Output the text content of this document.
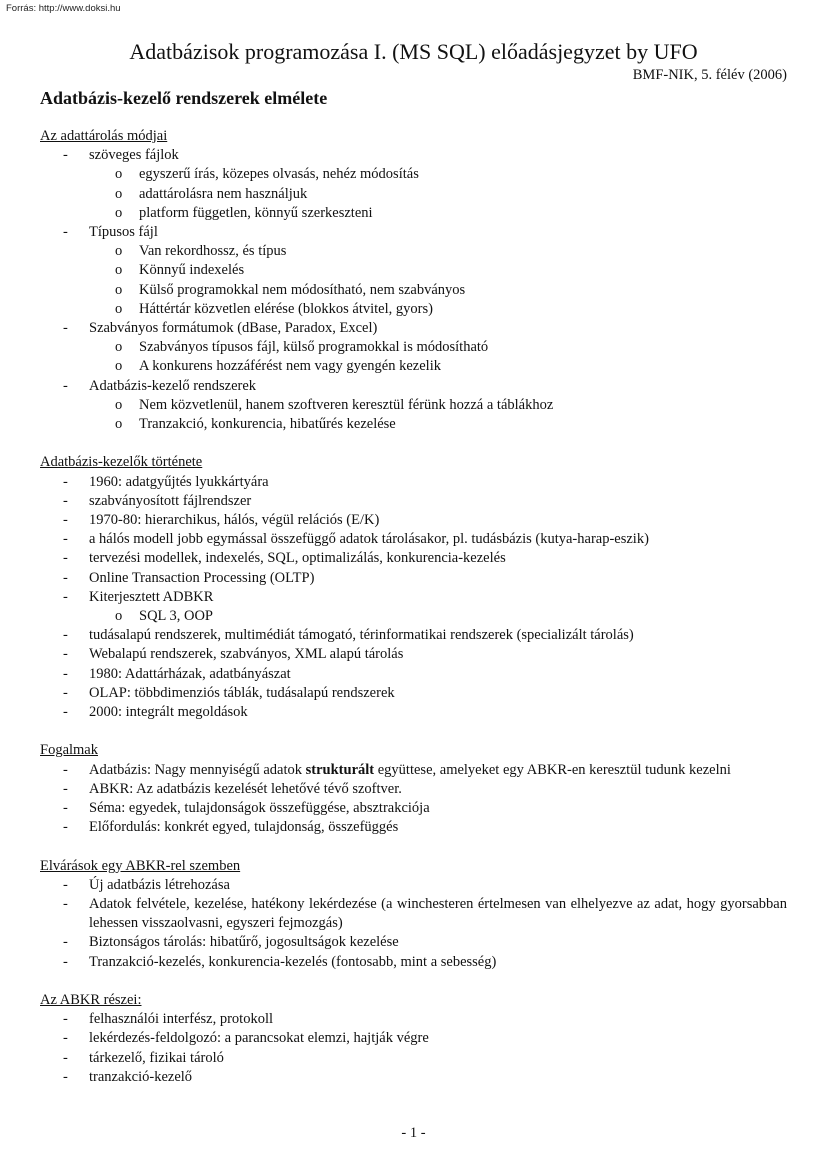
Forrás: http://www.doksi.hu
Adatbázisok programozása I. (MS SQL) előadásjegyzet by UFO
BMF-NIK, 5. félév (2006)
Adatbázis-kezelő rendszerek elmélete
Az adattárolás módjai
- szöveges fájlok
o egyszerű írás, közepes olvasás, nehéz módosítás
o adattárolásra nem használjuk
o platform független, könnyű szerkeszteni
- Típusos fájl
o Van rekordhossz, és típus
o Könnyű indexelés
o Külső programokkal nem módosítható, nem szabványos
o Háttértár közvetlen elérése (blokkos átvitel, gyors)
- Szabványos formátumok (dBase, Paradox, Excel)
o Szabványos típusos fájl, külső programokkal is módosítható
o A konkurens hozzáférést nem vagy gyengén kezelik
- Adatbázis-kezelő rendszerek
o Nem közvetlenül, hanem szoftveren keresztül férünk hozzá a táblákhoz
o Tranzakció, konkurencia, hibatűrés kezelése
Adatbázis-kezelők története
- 1960: adatgyűjtés lyukkártyára
- szabványosított fájlrendszer
- 1970-80: hierarchikus, hálós, végül relációs (E/K)
- a hálós modell jobb egymással összefüggő adatok tárolásakor, pl. tudásbázis (kutya-harap-eszik)
- tervezési modellek, indexelés, SQL, optimalizálás, konkurencia-kezelés
- Online Transaction Processing (OLTP)
- Kiterjesztett ADBKR
o SQL 3, OOP
- tudásalapú rendszerek, multimédiát támogató, térinformatikai rendszerek (specializált tárolás)
- Webalapú rendszerek, szabványos, XML alapú tárolás
- 1980: Adattárházak, adatbányászat
- OLAP: többdimenziós táblák, tudásalapú rendszerek
- 2000: integrált megoldások
Fogalmak
- Adatbázis: Nagy mennyiségű adatok strukturált együttese, amelyeket egy ABKR-en keresztül tudunk kezelni
- ABKR: Az adatbázis kezelését lehetővé tévő szoftver.
- Séma: egyedek, tulajdonságok összefüggése, absztrakciója
- Előfordulás: konkrét egyed, tulajdonság, összefüggés
Elvárások egy ABKR-rel szemben
- Új adatbázis létrehozása
- Adatok felvétele, kezelése, hatékony lekérdezése (a winchesteren értelmesen van elhelyezve az adat, hogy gyorsabban lehessen visszaolvasni, egyszeri fejmozgás)
- Biztonságos tárolás: hibatűrő, jogosultságok kezelése
- Tranzakció-kezelés, konkurencia-kezelés (fontosabb, mint a sebesség)
Az ABKR részei:
- felhasználói interfész, protokoll
- lekérdezés-feldolgozó: a parancsokat elemzi, hajtják végre
- tárkezelő, fizikai tároló
- tranzakció-kezelő
- 1 -
